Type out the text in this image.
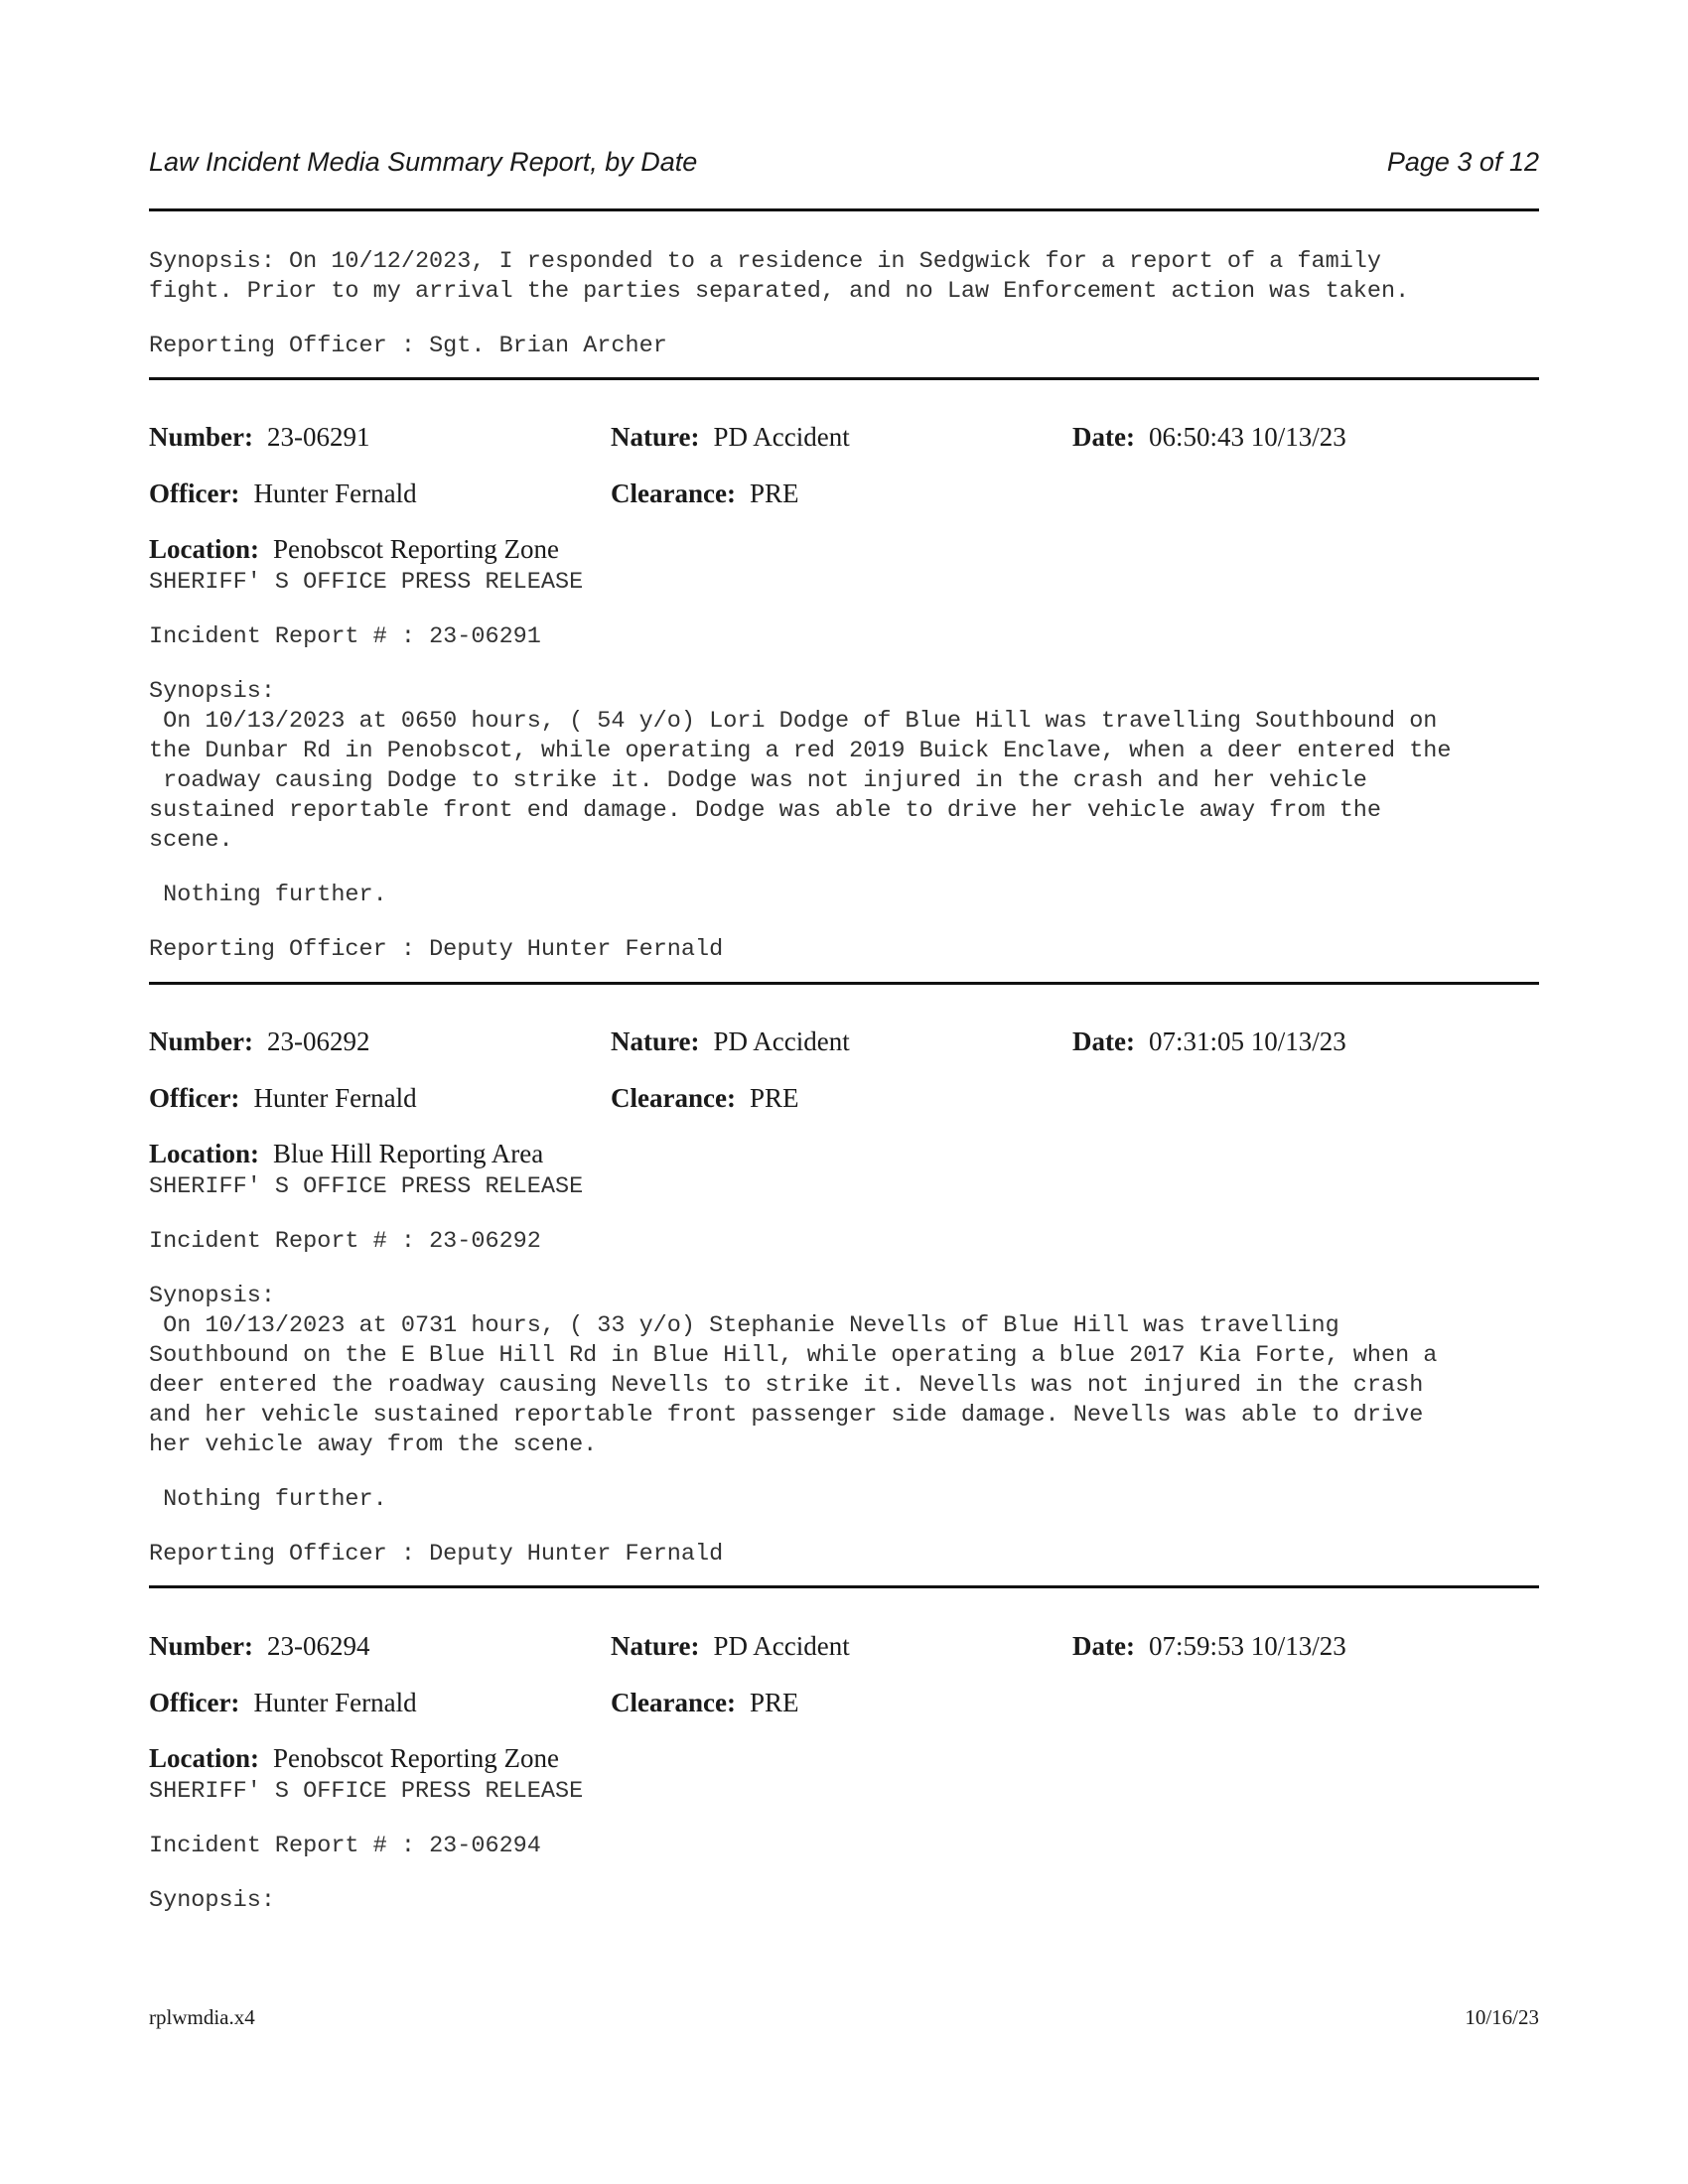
Law Incident Media Summary Report, by Date	Page 3 of 12
Synopsis: On 10/12/2023, I responded to a residence in Sedgwick for a report of a family
fight. Prior to my arrival the parties separated, and no Law Enforcement action was taken.
Reporting Officer : Sgt. Brian Archer
Number: 23-06291	Nature: PD Accident	Date: 06:50:43 10/13/23
Officer: Hunter Fernald	Clearance: PRE
Location: Penobscot Reporting Zone
SHERIFF' S OFFICE PRESS RELEASE
Incident Report # : 23-06291
Synopsis:
On 10/13/2023 at 0650 hours, ( 54 y/o) Lori Dodge of Blue Hill was travelling Southbound on
the Dunbar Rd in Penobscot, while operating a red 2019 Buick Enclave, when a deer entered the
roadway causing Dodge to strike it. Dodge was not injured in the crash and her vehicle
sustained reportable front end damage. Dodge was able to drive her vehicle away from the
scene.
Nothing further.
Reporting Officer : Deputy Hunter Fernald
Number: 23-06292	Nature: PD Accident	Date: 07:31:05 10/13/23
Officer: Hunter Fernald	Clearance: PRE
Location: Blue Hill Reporting Area
SHERIFF' S OFFICE PRESS RELEASE
Incident Report # : 23-06292
Synopsis:
On 10/13/2023 at 0731 hours, ( 33 y/o) Stephanie Nevells of Blue Hill was travelling
Southbound on the E Blue Hill Rd in Blue Hill, while operating a blue 2017 Kia Forte, when a
deer entered the roadway causing Nevells to strike it. Nevells was not injured in the crash
and her vehicle sustained reportable front passenger side damage. Nevells was able to drive
her vehicle away from the scene.
Nothing further.
Reporting Officer : Deputy Hunter Fernald
Number: 23-06294	Nature: PD Accident	Date: 07:59:53 10/13/23
Officer: Hunter Fernald	Clearance: PRE
Location: Penobscot Reporting Zone
SHERIFF' S OFFICE PRESS RELEASE
Incident Report # : 23-06294
Synopsis:
rplwmdia.x4	10/16/23
